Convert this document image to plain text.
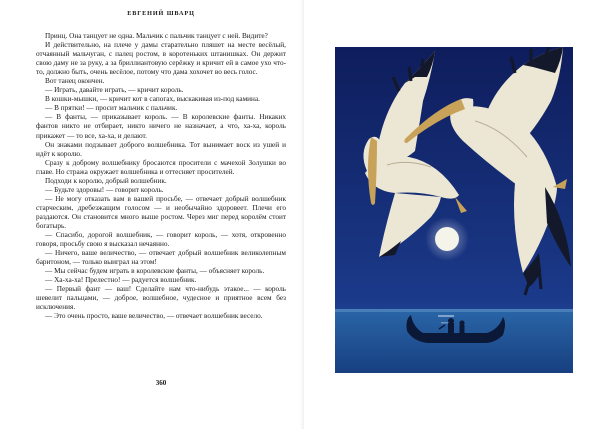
ЕВГЕНИЙ ШВАРЦ

Принц. Она танцует не одна. Мальчик с пальчик танцует с ней. Видите?

И действительно, на плече у дамы старательно пляшет на месте весёлый, отчаянный мальчуган, с палец ростом, в коротеньких штанишках. Он держит свою даму не за руку, а за бриллиантовую серёжку и кричит ей в самое ухо что-то, должно быть, очень весёлое, потому что дама хохочет во весь голос.

Вот танец окончен.

— Играть, давайте играть, — кричит король.

В кошки-мышки, — кричит кот в сапогах, выскакивая из-под камина.

— В прятки! — просит мальчик с пальчик.

— В фанты, — приказывает король. — В королевские фанты. Никаких фантов никто не отбирает, никто ничего не назначает, а что, ха-ха, король прикажет — то все, ха-ха, и делают.

Он знаками подзывает доброго волшебника. Тот вынимает воск из ушей и идёт к королю.

Сразу к доброму волшебнику бросаются просители с мачехой Золушки во главе. Но стража окружает волшебника и оттесняет просителей.

Подходи к королю, добрый волшебник.

— Будьте здоровы! — говорит король.

— Не могу отказать вам в вашей просьбе, — отвечает добрый волшебник старческим, дребезжащим голосом — и необычайно здоровеет. Плечи его раздаются. Он становится много выше ростом. Через миг перед королём стоит богатырь.

— Спасибо, дорогой волшебник, — говорит король, — хотя, откровенно говоря, просьбу свою я высказал нечаянно.

— Ничего, ваше величество, — отвечает добрый волшебник великолепным баритоном, — только выиграл на этом!

— Мы сейчас будем играть в королевские фанты, — объясняет король.

— Ха-ха-ха! Прелестно! — радуется волшебник.

— Первый фант — ваш! Сделайте нам что-нибудь этакое... — король шевелит пальцами, — доброе, волшебное, чудесное и приятное всем без исключения.

— Это очень просто, ваше величество, — отвечает волшебник весело.

360
